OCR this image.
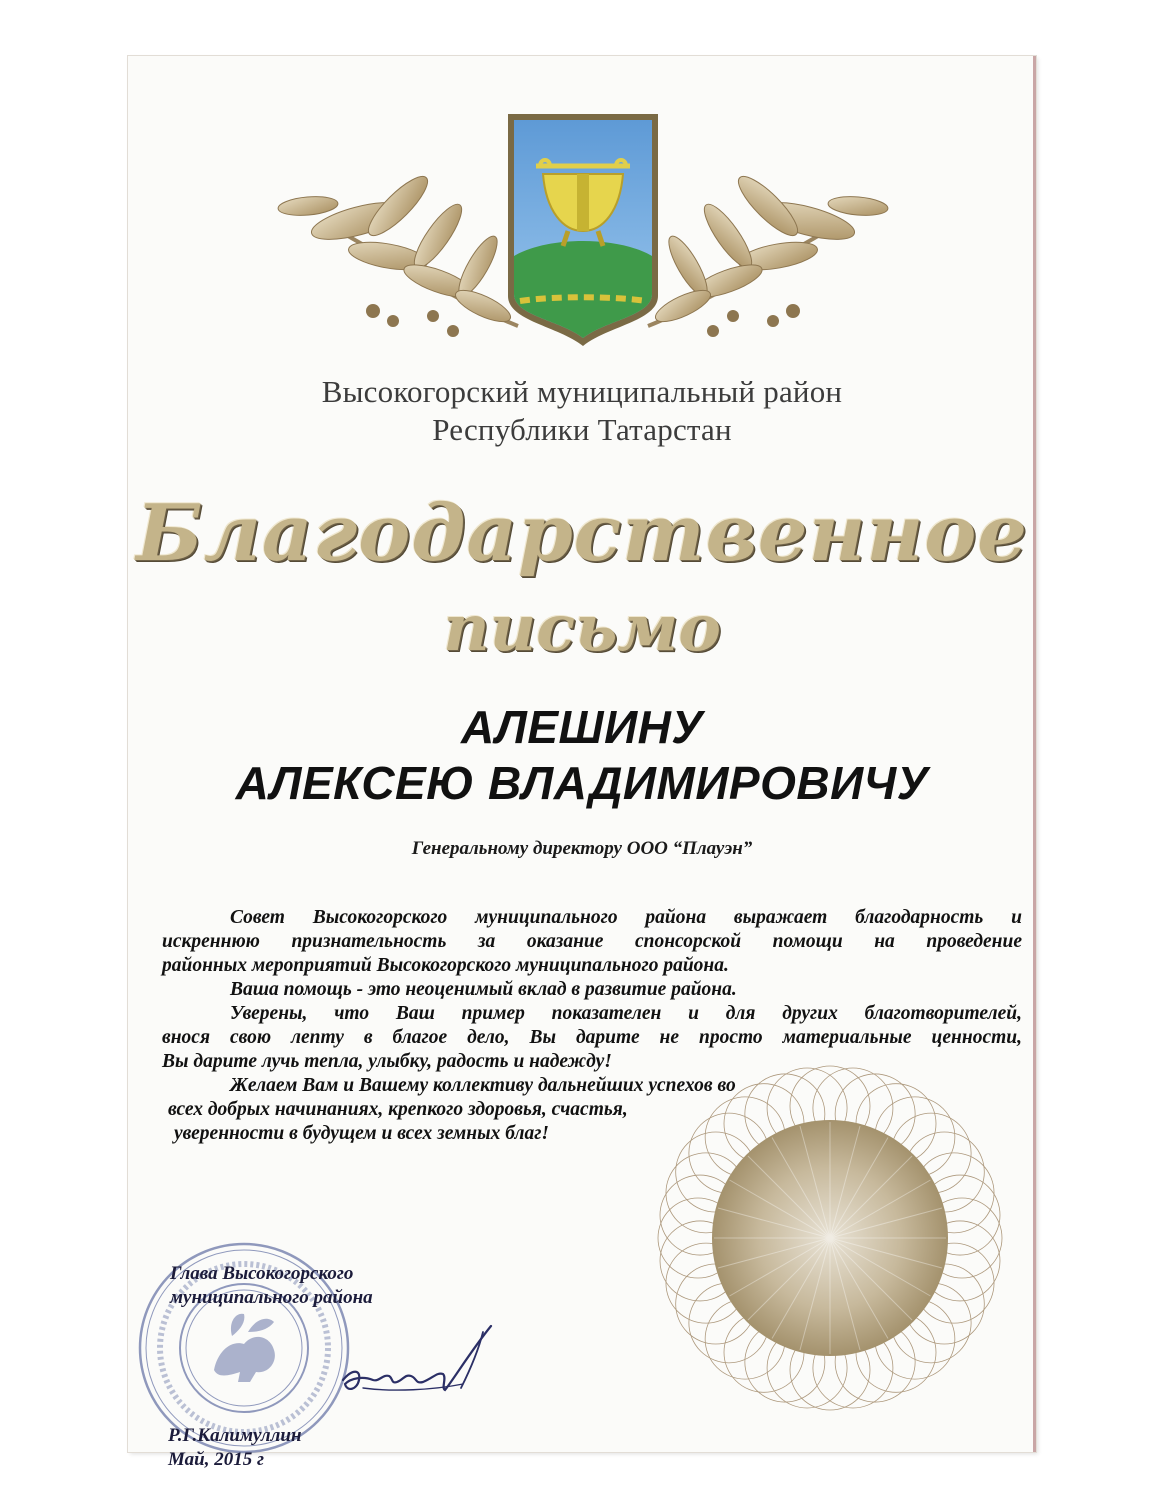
Высокогорский муниципальный район
Республики Татарстан
Благодарственное
письмо
АЛЕШИНУ
АЛЕКСЕЮ ВЛАДИМИРОВИЧУ
Генеральному директору ООО “Плауэн”

Совет Высокогорского муниципального района выражает благодарность и

искреннюю признательность за оказание спонсорской помощи на проведение

районных мероприятий Высокогорского муниципального района.

Ваша помощь - это неоценимый вклад в развитие района.

Уверены, что Ваш пример показателен и для других благотворителей,

внося свою лепту в благое дело, Вы дарите не просто материальные ценности,

Вы дарите лучь тепла, улыбку, радость и надежду!

Желаем Вам и Вашему коллективу дальнейших успехов во

всех добрых начинаниях, крепкого здоровья, счастья,

уверенности в будущем и всех земных благ!

Глава Высокогорского
муниципального района
Р.Г.Калимуллин
Май, 2015 г
